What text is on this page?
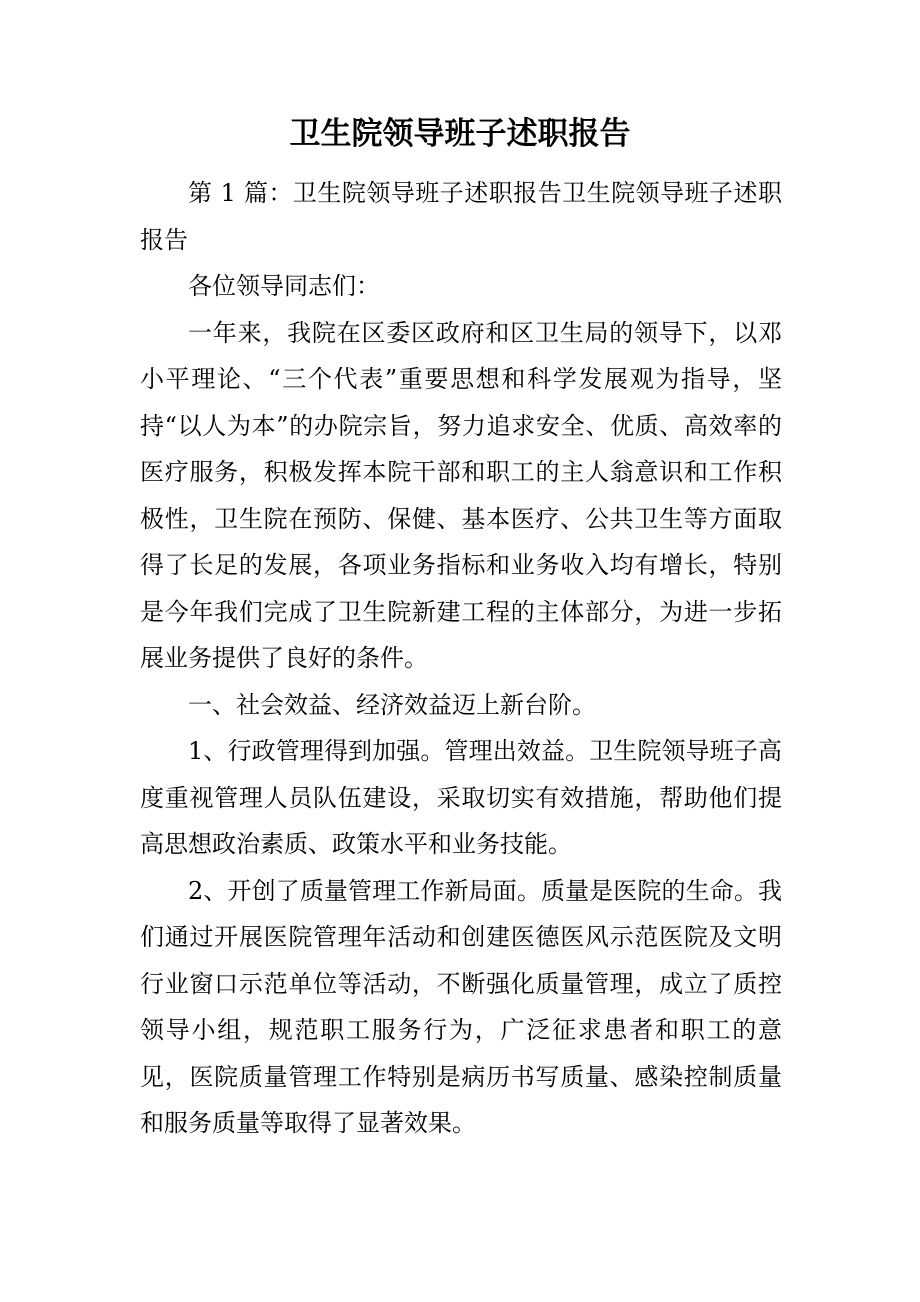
卫生院领导班子述职报告

第 1 篇：卫生院领导班子述职报告卫生院领导班子述职报告

各位领导同志们：

一年来，我院在区委区政府和区卫生局的领导下，以邓小平理论、“三个代表”重要思想和科学发展观为指导，坚持“以人为本”的办院宗旨，努力追求安全、优质、高效率的医疗服务，积极发挥本院干部和职工的主人翁意识和工作积极性，卫生院在预防、保健、基本医疗、公共卫生等方面取得了长足的发展，各项业务指标和业务收入均有增长，特别是今年我们完成了卫生院新建工程的主体部分，为进一步拓展业务提供了良好的条件。

一、社会效益、经济效益迈上新台阶。

1、行政管理得到加强。管理出效益。卫生院领导班子高度重视管理人员队伍建设，采取切实有效措施，帮助他们提高思想政治素质、政策水平和业务技能。

2、开创了质量管理工作新局面。质量是医院的生命。我们通过开展医院管理年活动和创建医德医风示范医院及文明行业窗口示范单位等活动，不断强化质量管理，成立了质控领导小组，规范职工服务行为，广泛征求患者和职工的意见，医院质量管理工作特别是病历书写质量、感染控制质量和服务质量等取得了显著效果。
